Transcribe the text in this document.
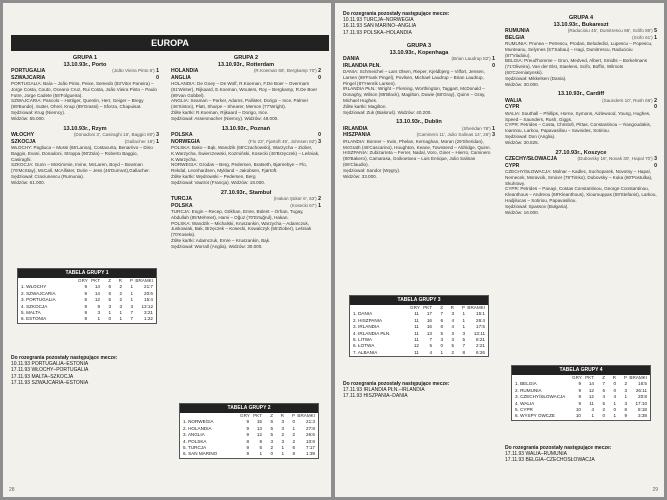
EUROPA
GRUPA 1
13.10.93r., Porto
PORTUGALIA	(João Vieira Pinto 8') 1
SZWAJCARIA	0
PORTUGALIA: Baía – João Pinto, Peixe, Semedo (83'Vitor Paneira) – Jorge Costa, Couto, Oceano Cruz, Rui Costa, João Vieira Pinto – Paulo Futre, Jorge Cadete (58'Folgueira).
SZWAJCARIA: Pascolo – Hottiger, Quentin, Herr, Geiger – Bregy (89'Bunde), Sutter, Ohrel, Knup (89'Grassi) – Sforza, Chapuisat.
Sędziował: Krug (Niemcy).
Widzów: 55.000.
13.10.93r., Rzym
WŁOCHY	(Donadoni 3', Casiraghi 16', Baggio 80') 3
SZKOCJA	(Gallacher 18') 1
WŁOCHY: Pagliuca – Mussi (65'Lanna), Costacurta, Benarrivo – Dino Baggio, Evani, Donadoni, Stroppa (90'Zola) – Roberto Baggio, Casiraghi.
SZKOCJA: Gunn – McKimmie, Irvine, McLaren, Boyd – Bowman (76'McStay), McCall, McAllister, Durie – Jess (46'Durrant),Gallacher.
Sędziował: Craciunescu (Rumunia).
Widzów: 61.000.
GRUPA 2
13.10.93r., Rotterdam
HOLANDIA	(R.Koeman 68', Bergkamp 70') 2
ANGLIA	0
HOLANDIA: De Goey – De Wolf, R.Koeman, F.De Boer – Overmars (81'Winter), Rijkaard, E.Koeman, Wouters, Roy – Bergkamp, R.De Boer (89'van Gobbel).
ANGLIA: Seaman – Parker, Adams, Pallister, Dorigo – Ince, Palmer (46'Sinton), Platt, Sharpe – Shearer, Merson (77'Wright).
Żółte kartki: R.Koeman, Rijkaard – Dorigo, Ince.
Sędziował: Assenmacher (Niemcy). Widzów: 48.000.
13.10.93r., Poznań
POLSKA	0
NORWEGIA	(Flo 23', Fjørtoft 45', Johnsen 82') 3
POLSKA: Bako – Bąk, Wandzik (66'Czachowski), Warzycha – Ziober, K.Warzycha, Świerczewski, Kozmiński, Kosecki (46'Brzęczek) – Leśniak, K.Warzycha.
NORWEGIA: Grodas – Berg, Pedersen, Bratseth, Bjørnebye – Flo, Rekdal, Leonhardsen, Mykland – Jakobsen, Fjørtoft.
Żółte kartki: Wędrowski – Pedersen, Berg
Sędziował: Vautrot (Francja). Widzów: 18.000.
27.10.93r., Stambuł
TURCJA	(Hakan Şükür 6', 63') 2
POLSKA	(Kosecki 67') 1
TURCJA: Engin – Recep, Gökhan, Emre, Bülent – Orhan, Tugay, Abdullah (85'Mehmet), Hami – Oğuz (70'Ertuğrul), Hakan.
POLSKA: Wandzik – Michalski, Kruszankin, Warzycha – Adamczuk, Juskowiak, Bak, Brzęczek – Kosecki, Kowalczyk (55'Ziober), Leśniak (70'Koseła).
Żółte kartki: Adamczuk, Emre – Kruszankin, Bąk.
Sędziował: Worrall (Anglia). Widzów: 30.000.
TABELA GRUPY 1
GRY PKT	Z	R	P BRAMKI
1. WŁOCHY	9	14	6	2	1	21:7
2. SZWAJCARIA	9	14	6	2	1	20:6
3. PORTUGALIA	8	12	5	2	1	15:4
4. SZKOCJA	9	9	3	3	3	13:12
5. MALTA	9	3	1	1	7	3:21
6. ESTONIA	8	1	0	1	7	1:22
Do rozegrania pozostały następujące mecze:
10.11.93 PORTUGALIA–ESTONIA
17.11.93 WŁOCHY–PORTUGALIA
17.11.93 MALTA–SZKOCJA
17.11.93 SZWAJCARIA–ESTONIA
TABELA GRUPY 2
GRY PKT	Z	R	P BRAMKI
1. NORWEGIA	9	15	6	3	0	21:3
2. HOLANDIA	9	13	5	3	1	27:8
3. ANGLIA	9	12	5	2	2	26:6
4. POLSKA	8	9	3	3	2	10:8
5. TURCJA	9	5	2	1	6	7:17
6. SAN MARINO	9	1	0	1	8	1:39
28
Do rozegrania pozostały następujące mecze:
10.11.93 TURCJA–NORWEGIA
16.11.93 SAN MARINO–ANGLIA
17.11.93 POLSKA–HOLANDIA
GRUPA 3
13.10.93r., Kopenhaga
DANIA	(Brian Laudrup 82') 1
IRLANDIA PŁN.	0
DANIA: Schmeichel – Lars Olsen, Rieper, Kjeldbjerg – Vilfort, Jensen, Larsen (69'Frank Pingel), Povlsen, Michael Laudrup – Brian Laudrup, Pingel (87'Henrik Larsen).
IRLANDIA PŁN.: Wright – Fleming, Worthington, Taggart, McDonald – Donaghy, Wilson (85'Black), Magilton, Dowie (68'Gray), Quinn – Gray, Michael Hughes.
Żółte kartki: Magilton.
Sędziował: Zuk (Białoruś). Widzów: 40.200.
13.10.93r., Dublin
IRLANDIA	(Sheridan 78') 1
HISZPANIA	(Caminero 11', Julio Salinas 14', 26') 3
IRLANDIA: Bonner – Irwin, Phelan, Kernaghan, Moran (29'Sheridan), McGrath (46'Cascarino), Houghton, Keane, Townsend – Aldridge, Quinn.
HISZPANIA: Zubizarreta – Ferrer, Nadal, Voro, Giner – Hierro, Caminero (80'Bakero), Camarasa, Goikoetxea – Luis Enrique, Julio Salinas (66'Claudio).
Sędziował: Sandor (Węgry).
Widzów: 33.000.
GRUPA 4
13.10.93r., Bukareszt
RUMUNIA	(Raducioiu 45', Dumitrescu 88', Sclifo 89') 5
BELGIA	(Scifo 61') 1
RUMUNIA: Prunea – Petrescu, Prodan, Belodedici, Lupescu – Popescu, Munteanu, Selymes (57'Sabau) – Hagi, Dumitrescu, Raducioiu (87'Vladoiu).
BELGIA: Preud'homme – Grun, Medved, Albert, Smidts – Borkelmans (71'Oliveira), Van der Elst, Staelens, Scifo, Boffin, Wilmots (60'Czerniatynski).
Sędziował: Mikkelsen (Dania).
Widzów: 30.000.
13.10.93r., Cardiff
WALIA	(Saunders 10', Rush 66') 2
CYPR	0
WALIA: Southall – Phillips, Horne, Symons, Aizlewood, Young, Hughes, Speed – Saunders, Rush, Giggs.
CYPR: Petrides – Costa, Christofi, Pittas, Constantinou – Yiangoudakis, Ioannou, Larkou, Papavasiliou – Savvides, Sotiriou.
Sędziował: Don (Anglia).
Widzów: 30.825.
27.10.93r., Koszyce
CZECHY/SŁOWACJA	(Dubovsky 18', Novak 30', Hapal 70') 3
CYPR	0
CZECHY/SŁOWACJA: Molnar – Kadlec, Suchoparek, Novotny – Hapal, Nemecek, Moravcik, Smicer (79'Timko), Dubovsky – Kuka (80'Postulka), Skuhravy.
CYPR: Petrides – Panayi, Costas Constantinou, George Constantinou, Kleanthous – Andreou (69'Kleanthous), Xiourouppas (69'Stefanis), Larkou, Hadjilucas – Sotiriou, Papavasiliou.
Sędziował: Spassov (Bułgaria).
Widzów: 16.000.
TABELA GRUPY 3
GRY PKT	Z	R	P BRAMKI
1. DANIA	11	17	7	3	1	15:1
2. HISZPANIA	11	16	6	4	1	26:4
3. IRLANDIA	11	16	6	4	1	17:5
4. IRLANDIA PŁN.	11	13	5	3	3	13:11
5. LITWA	11	7	3	3	5	8:21
6. ŁOTWA	12	5	0	5	7	2:21
7. ALBANIA	11	4	1	2	8	6:26
Do rozegrania pozostały następujące mecze:
17.11.93 IRLANDIA PŁN.–IRLANDIA
17.11.93 HISZPANIA–DANIA
TABELA GRUPY 4
GRY PKT	Z	R	P BRAMKI
1. BELGIA	9	14	7	0	2	16:5
2. RUMUNIA	9	12	6	0	3	26:11
3. CZECHY/SŁOWACJA	9	12	4	4	1	20:8
4. WALIA	9	11	5	1	3	17:10
5. CYPR	10	4	2	0	8	8:18
6. WYSPY OWCZE	10	1	0	1	9	3:38
Do rozegrania pozostały następujące mecze:
17.11.93 WALIA–RUMUNIA
17.11.93 BELGIA–CZECHOSŁOWACJA
29
